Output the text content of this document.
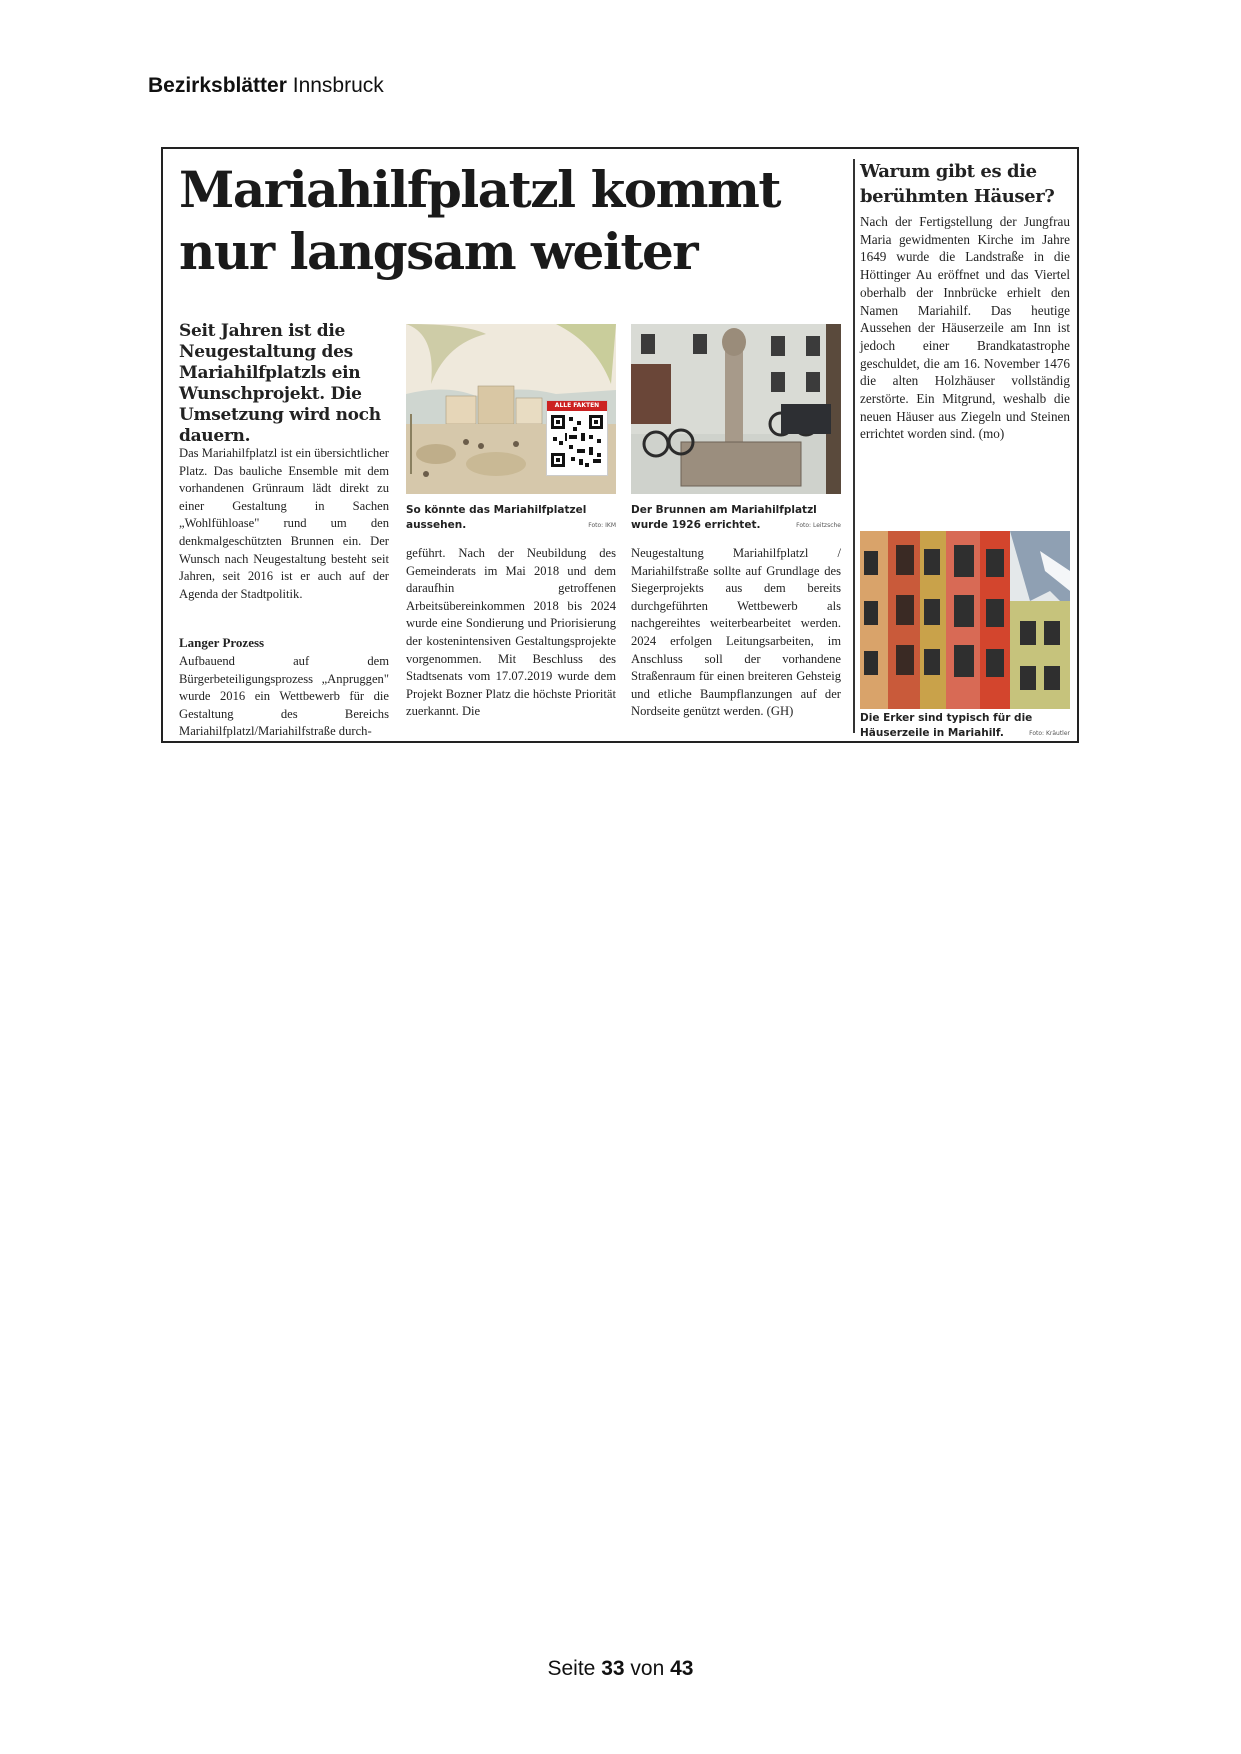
Bezirksblätter Innsbruck
Mariahilfplatzl kommt nur langsam weiter
Seit Jahren ist die Neugestaltung des Mariahilfplatzls ein Wunschprojekt. Die Umsetzung wird noch dauern.
Das Mariahilfplatzl ist ein übersichtlicher Platz. Das bauliche Ensemble mit dem vorhandenen Grünraum lädt direkt zu einer Gestaltung in Sachen „Wohlfühloase" rund um den denkmalgeschützten Brunnen ein. Der Wunsch nach Neugestaltung besteht seit Jahren, seit 2016 ist er auch auf der Agenda der Stadtpolitik.
Langer Prozess
Aufbauend auf dem Bürgerbeteiligungsprozess „Anpruggen" wurde 2016 ein Wettbewerb für die Gestaltung des Bereichs Mariahilfplatzl/Mariahilfstraße durch-
ALLE FAKTEN
So könnte das Mariahilfplatzel aussehen.	Foto: IKM
Der Brunnen am Mariahilfplatzl wurde 1926 errichtet.	Foto: Leitzsche
geführt. Nach der Neubildung des Gemeinderats im Mai 2018 und dem daraufhin getroffenen Arbeitsübereinkommen 2018 bis 2024 wurde eine Sondierung und Priorisierung der kostenintensiven Gestaltungsprojekte vorgenommen. Mit Beschluss des Stadtsenats vom 17.07.2019 wurde dem Projekt Bozner Platz die höchste Priorität zuerkannt. Die
Neugestaltung Mariahilfplatzl / Mariahilfstraße sollte auf Grundlage des Siegerprojekts aus dem bereits durchgeführten Wettbewerb als nachgereihtes weiterbearbeitet werden. 2024 erfolgen Leitungsarbeiten, im Anschluss soll der vorhandene Straßenraum für einen breiteren Gehsteig und etliche Baumpflanzungen auf der Nordseite genützt werden. (GH)
Warum gibt es die berühmten Häuser?
Nach der Fertigstellung der Jungfrau Maria gewidmenten Kirche im Jahre 1649 wurde die Landstraße in die Höttinger Au eröffnet und das Viertel oberhalb der Innbrücke erhielt den Namen Mariahilf. Das heutige Aussehen der Häuserzeile am Inn ist jedoch einer Brandkatastrophe geschuldet, die am 16. November 1476 die alten Holzhäuser vollständig zerstörte. Ein Mitgrund, weshalb die neuen Häuser aus Ziegeln und Steinen errichtet worden sind. (mo)
Die Erker sind typisch für die Häuserzeile in Mariahilf.	Foto: Kräutler
Seite 33 von 43
